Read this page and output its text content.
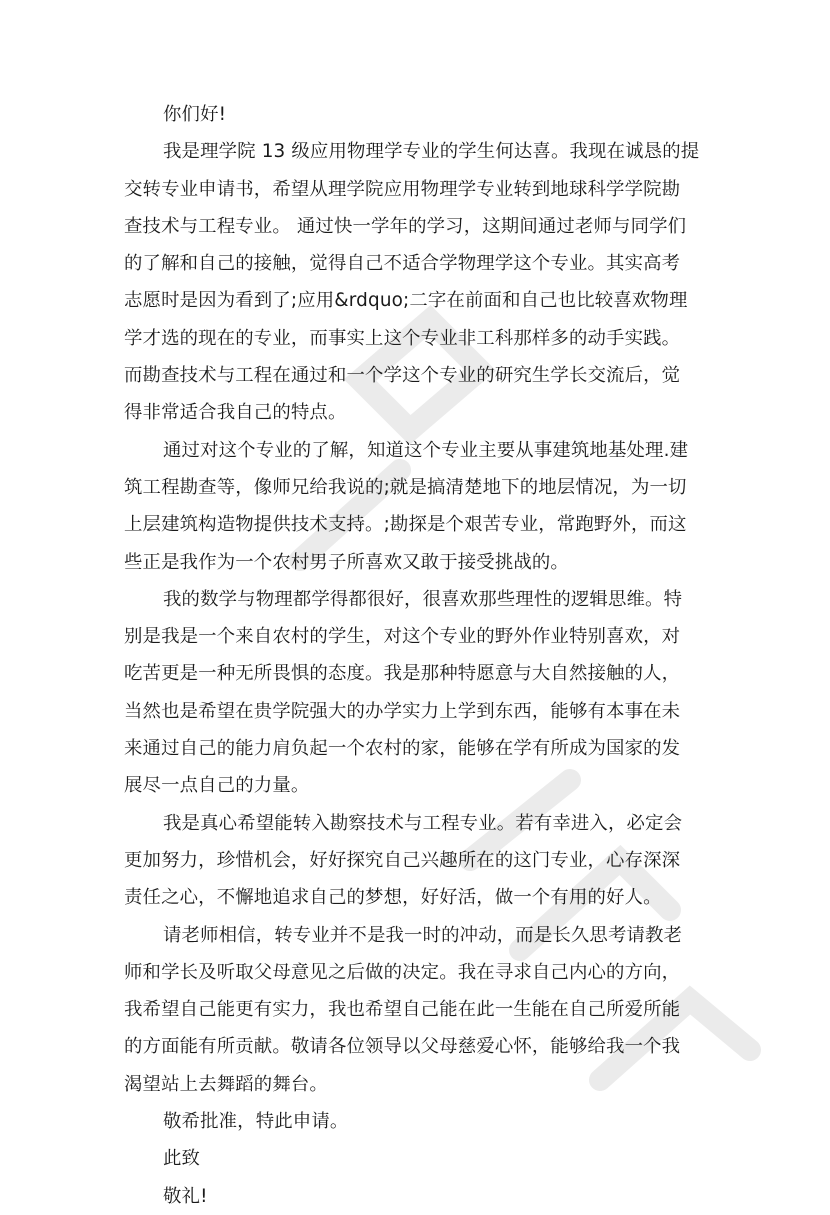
你们好!
我是理学院 13 级应用物理学专业的学生何达喜。我现在诚恳的提
交转专业申请书，希望从理学院应用物理学专业转到地球科学学院勘
查技术与工程专业。 通过快一学年的学习，这期间通过老师与同学们
的了解和自己的接触，觉得自己不适合学物理学这个专业。其实高考
志愿时是因为看到了;应用&rdquo;二字在前面和自己也比较喜欢物理
学才选的现在的专业，而事实上这个专业非工科那样多的动手实践。
而勘查技术与工程在通过和一个学这个专业的研究生学长交流后，觉
得非常适合我自己的特点。
通过对这个专业的了解，知道这个专业主要从事建筑地基处理.建
筑工程勘查等，像师兄给我说的;就是搞清楚地下的地层情况，为一切
上层建筑构造物提供技术支持。;勘探是个艰苦专业，常跑野外，而这
些正是我作为一个农村男子所喜欢又敢于接受挑战的。
我的数学与物理都学得都很好，很喜欢那些理性的逻辑思维。特
别是我是一个来自农村的学生，对这个专业的野外作业特别喜欢，对
吃苦更是一种无所畏惧的态度。我是那种特愿意与大自然接触的人，
当然也是希望在贵学院强大的办学实力上学到东西，能够有本事在未
来通过自己的能力肩负起一个农村的家，能够在学有所成为国家的发
展尽一点自己的力量。
我是真心希望能转入勘察技术与工程专业。若有幸进入，必定会
更加努力，珍惜机会，好好探究自己兴趣所在的这门专业，心存深深
责任之心，不懈地追求自己的梦想，好好活，做一个有用的好人。
请老师相信，转专业并不是我一时的冲动，而是长久思考请教老
师和学长及听取父母意见之后做的决定。我在寻求自己内心的方向，
我希望自己能更有实力，我也希望自己能在此一生能在自己所爱所能
的方面能有所贡献。敬请各位领导以父母慈爱心怀，能够给我一个我
渴望站上去舞蹈的舞台。
敬希批准，特此申请。
此致
敬礼!
